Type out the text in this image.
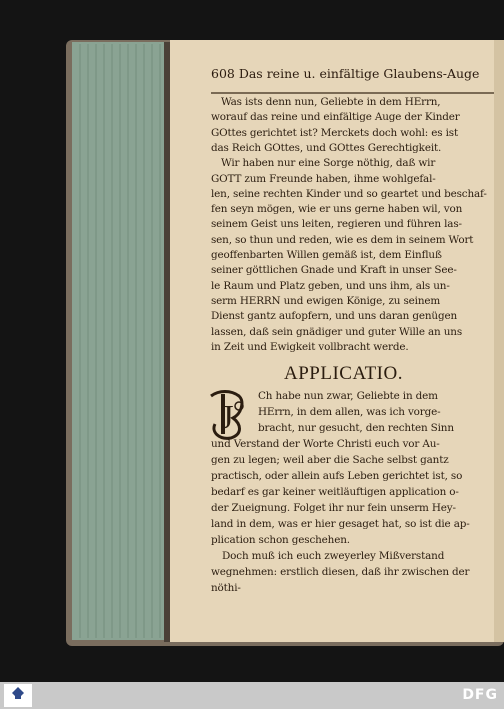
608 Das reine u. einfältige Glaubens-Auge
Was ists denn nun, Geliebte in dem HErrn,
worauf das reine und einfältige Auge der Kinder
GOttes gerichtet ist? Merckets doch wohl: es ist
das Reich GOttes, und GOttes Gerechtigkeit.
Wir haben nur eine Sorge nöthig, daß wir
GOTT zum Freunde haben, ihme wohlgefal-
len, seine rechten Kinder und so geartet und beschaf-
fen seyn mögen, wie er uns gerne haben wil, von
seinem Geist uns leiten, regieren und führen las-
sen, so thun und reden, wie es dem in seinem Wort
geoffenbarten Willen gemäß ist, dem Einfluß
seiner göttlichen Gnade und Kraft in unser See-
le Raum und Platz geben, und uns ihm, als un-
serm HERRN und ewigen Könige, zu seinem
Dienst gantz aufopfern, und uns daran genügen
lassen, daß sein gnädiger und guter Wille an uns
in Zeit und Ewigkeit vollbracht werde.
APPLICATIO.
J
Ch habe nun zwar, Geliebte in dem
HErrn, in dem allen, was ich vorge-
bracht, nur gesucht, den rechten Sinn
und Verstand der Worte Christi euch vor Au-
gen zu legen; weil aber die Sache selbst gantz
practisch, oder allein aufs Leben gerichtet ist, so
bedarf es gar keiner weitläuftigen application o-
der Zueignung. Folget ihr nur fein unserm Hey-
land in dem, was er hier gesaget hat, so ist die ap-
plication schon geschehen.
Doch muß ich euch zweyerley Mißverstand
wegnehmen: erstlich diesen, daß ihr zwischen der
nöthi-
DFG
